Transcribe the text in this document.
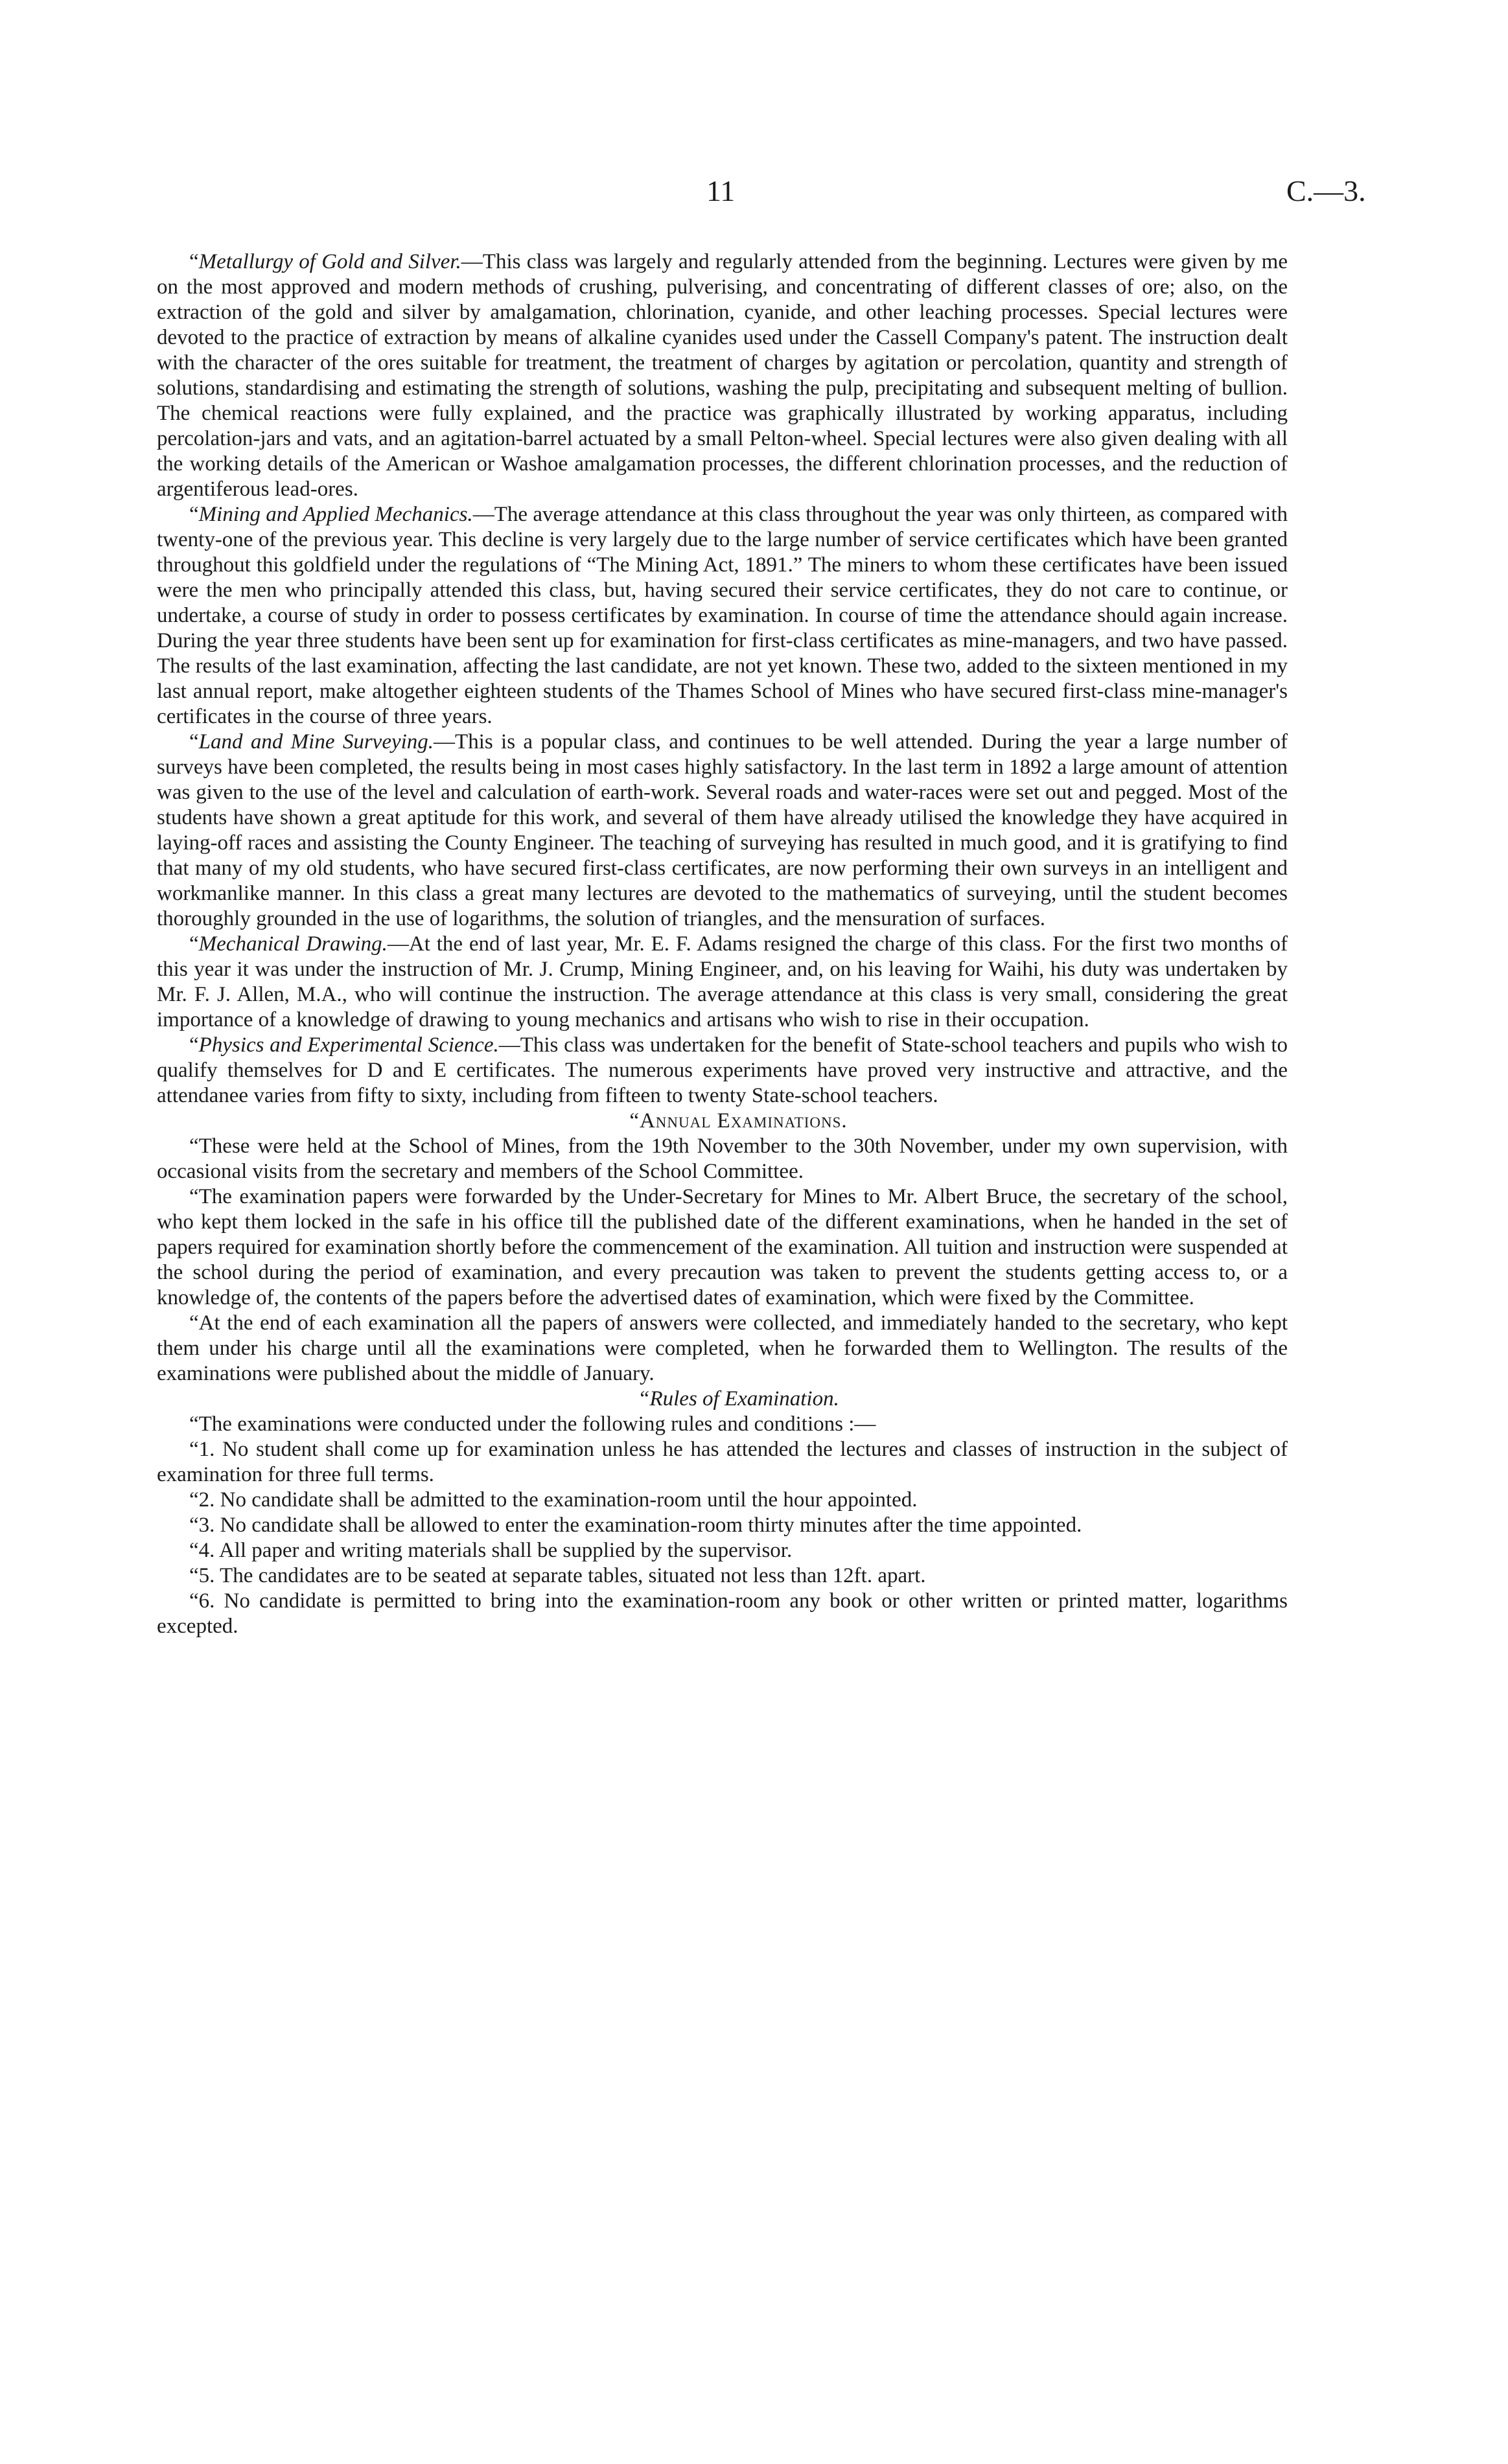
11	C.—3.

“Metallurgy of Gold and Silver.—This class was largely and regularly attended from the beginning. Lectures were given by me on the most approved and modern methods of crushing, pulverising, and concentrating of different classes of ore; also, on the extraction of the gold and silver by amalgamation, chlorination, cyanide, and other leaching processes. Special lectures were devoted to the practice of extraction by means of alkaline cyanides used under the Cassell Company's patent. The instruction dealt with the character of the ores suitable for treatment, the treatment of charges by agitation or percolation, quantity and strength of solutions, standardising and estimating the strength of solutions, washing the pulp, precipitating and subsequent melting of bullion. The chemical reactions were fully explained, and the practice was graphically illustrated by working apparatus, including percolation-jars and vats, and an agitation-barrel actuated by a small Pelton-wheel. Special lectures were also given dealing with all the working details of the American or Washoe amalgamation processes, the different chlorination processes, and the reduction of argentiferous lead-ores.

“Mining and Applied Mechanics.—The average attendance at this class throughout the year was only thirteen, as compared with twenty-one of the previous year. This decline is very largely due to the large number of service certificates which have been granted throughout this goldfield under the regulations of “The Mining Act, 1891.” The miners to whom these certificates have been issued were the men who principally attended this class, but, having secured their service certificates, they do not care to continue, or undertake, a course of study in order to possess certificates by examination. In course of time the attendance should again increase. During the year three students have been sent up for examination for first-class certificates as mine-managers, and two have passed. The results of the last examination, affecting the last candidate, are not yet known. These two, added to the sixteen mentioned in my last annual report, make altogether eighteen students of the Thames School of Mines who have secured first-class mine-manager's certificates in the course of three years.

“Land and Mine Surveying.—This is a popular class, and continues to be well attended. During the year a large number of surveys have been completed, the results being in most cases highly satisfactory. In the last term in 1892 a large amount of attention was given to the use of the level and calculation of earth-work. Several roads and water-races were set out and pegged. Most of the students have shown a great aptitude for this work, and several of them have already utilised the knowledge they have acquired in laying-off races and assisting the County Engineer. The teaching of surveying has resulted in much good, and it is gratifying to find that many of my old students, who have secured first-class certificates, are now performing their own surveys in an intelligent and workmanlike manner. In this class a great many lectures are devoted to the mathematics of surveying, until the student becomes thoroughly grounded in the use of logarithms, the solution of triangles, and the mensuration of surfaces.

“Mechanical Drawing.—At the end of last year, Mr. E. F. Adams resigned the charge of this class. For the first two months of this year it was under the instruction of Mr. J. Crump, Mining Engineer, and, on his leaving for Waihi, his duty was undertaken by Mr. F. J. Allen, M.A., who will continue the instruction. The average attendance at this class is very small, considering the great importance of a knowledge of drawing to young mechanics and artisans who wish to rise in their occupation.

“Physics and Experimental Science.—This class was undertaken for the benefit of State-school teachers and pupils who wish to qualify themselves for D and E certificates. The numerous experiments have proved very instructive and attractive, and the attendanee varies from fifty to sixty, including from fifteen to twenty State-school teachers.

“Annual Examinations.

“These were held at the School of Mines, from the 19th November to the 30th November, under my own supervision, with occasional visits from the secretary and members of the School Committee.

“The examination papers were forwarded by the Under-Secretary for Mines to Mr. Albert Bruce, the secretary of the school, who kept them locked in the safe in his office till the published date of the different examinations, when he handed in the set of papers required for examination shortly before the commencement of the examination. All tuition and instruction were suspended at the school during the period of examination, and every precaution was taken to prevent the students getting access to, or a knowledge of, the contents of the papers before the advertised dates of examination, which were fixed by the Committee.

“At the end of each examination all the papers of answers were collected, and immediately handed to the secretary, who kept them under his charge until all the examinations were completed, when he forwarded them to Wellington. The results of the examinations were published about the middle of January.

“Rules of Examination.

“The examinations were conducted under the following rules and conditions :—

“1. No student shall come up for examination unless he has attended the lectures and classes of instruction in the subject of examination for three full terms.

“2. No candidate shall be admitted to the examination-room until the hour appointed.

“3. No candidate shall be allowed to enter the examination-room thirty minutes after the time appointed.

“4. All paper and writing materials shall be supplied by the supervisor.

“5. The candidates are to be seated at separate tables, situated not less than 12ft. apart.

“6. No candidate is permitted to bring into the examination-room any book or other written or printed matter, logarithms excepted.
